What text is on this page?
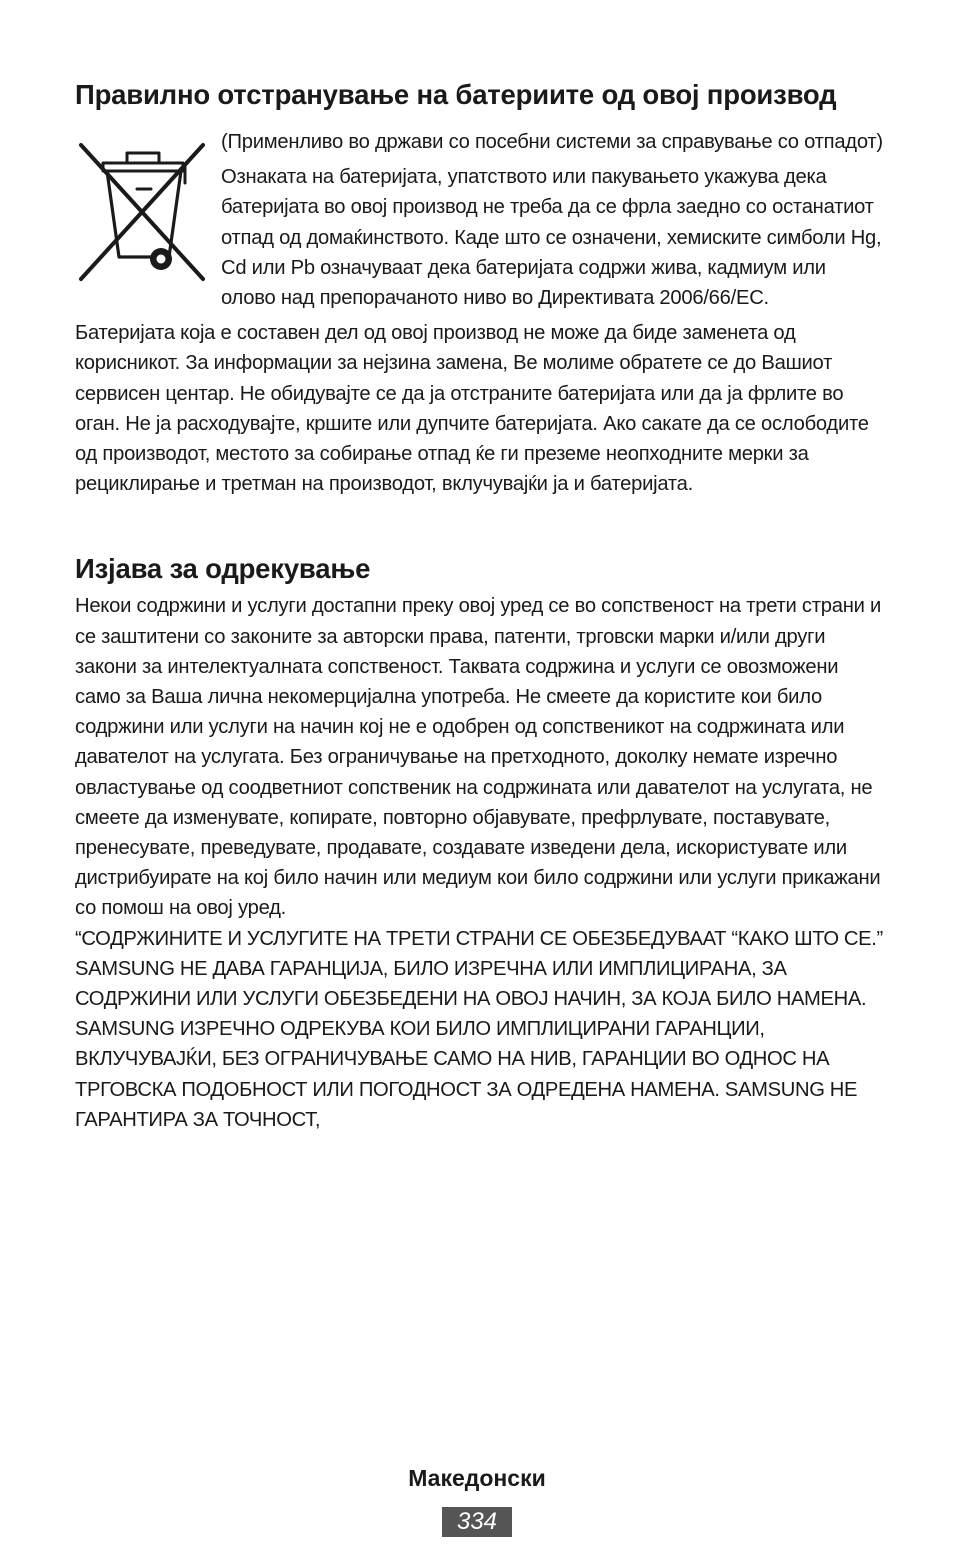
Правилно отстранување на батериите од овој производ

(Применливо во држави со посебни системи за справување со отпадот)

Ознаката на батеријата, упатството или пакувањето укажува дека батеријата во овој производ не треба да се фрла заедно со останатиот отпад од домаќинството. Каде што се означени, хемиските симболи Hg, Cd или Pb означуваат дека батеријата содржи жива, кадмиум или олово над препорачаното ниво во Директивата 2006/66/EC.

Батеријата која е составен дел од овој производ не може да биде заменета од корисникот. За информации за нејзина замена, Ве молиме обратете се до Вашиот сервисен центар. Не обидувајте се да ја отстраните батеријата или да ја фрлите во оган. Не ја расходувајте, кршите или дупчите батеријата. Ако сакате да се ослободите од производот, местото за собирање отпад ќе ги преземе неопходните мерки за рециклирање и третман на производот, вклучувајќи ја и батеријата.

Изјава за одрекување

Некои содржини и услуги достапни преку овој уред се во сопственост на трети страни и се заштитени со законите за авторски права, патенти, трговски марки и/или други закони за интелектуалната сопственост. Таквата содржина и услуги се овозможени само за Ваша лична некомерцијална употреба. Не смеете да користите кои било содржини или услуги на начин кој не е одобрен од сопственикот на содржината или давателот на услугата. Без ограничување на претходното, доколку немате изречно овластување од соодветниот сопственик на содржината или давателот на услугата, не смеете да изменувате, копирате, повторно објавувате, префрлувате, поставувате, пренесувате, преведувате, продавате, создавате изведени дела, искористувате или дистрибуирате на кој било начин или медиум кои било содржини или услуги прикажани со помош на овој уред.

“СОДРЖИНИТЕ И УСЛУГИТЕ НА ТРЕТИ СТРАНИ СЕ ОБЕЗБЕДУВААТ “КАКО ШТО СЕ.” SAMSUNG НЕ ДАВА ГАРАНЦИЈА, БИЛО ИЗРЕЧНА ИЛИ ИМПЛИЦИРАНА, ЗА СОДРЖИНИ ИЛИ УСЛУГИ ОБЕЗБЕДЕНИ НА ОВОЈ НАЧИН, ЗА КОЈА БИЛО НАМЕНА. SAMSUNG ИЗРЕЧНО ОДРЕКУВА КОИ БИЛО ИМПЛИЦИРАНИ ГАРАНЦИИ, ВКЛУЧУВАЈЌИ, БЕЗ ОГРАНИЧУВАЊЕ САМО НА НИВ, ГАРАНЦИИ ВО ОДНОС НА ТРГОВСКА ПОДОБНОСТ ИЛИ ПОГОДНОСТ ЗА ОДРЕДЕНА НАМЕНА. SAMSUNG НЕ ГАРАНТИРА ЗА ТОЧНОСТ,

Македонски
334
